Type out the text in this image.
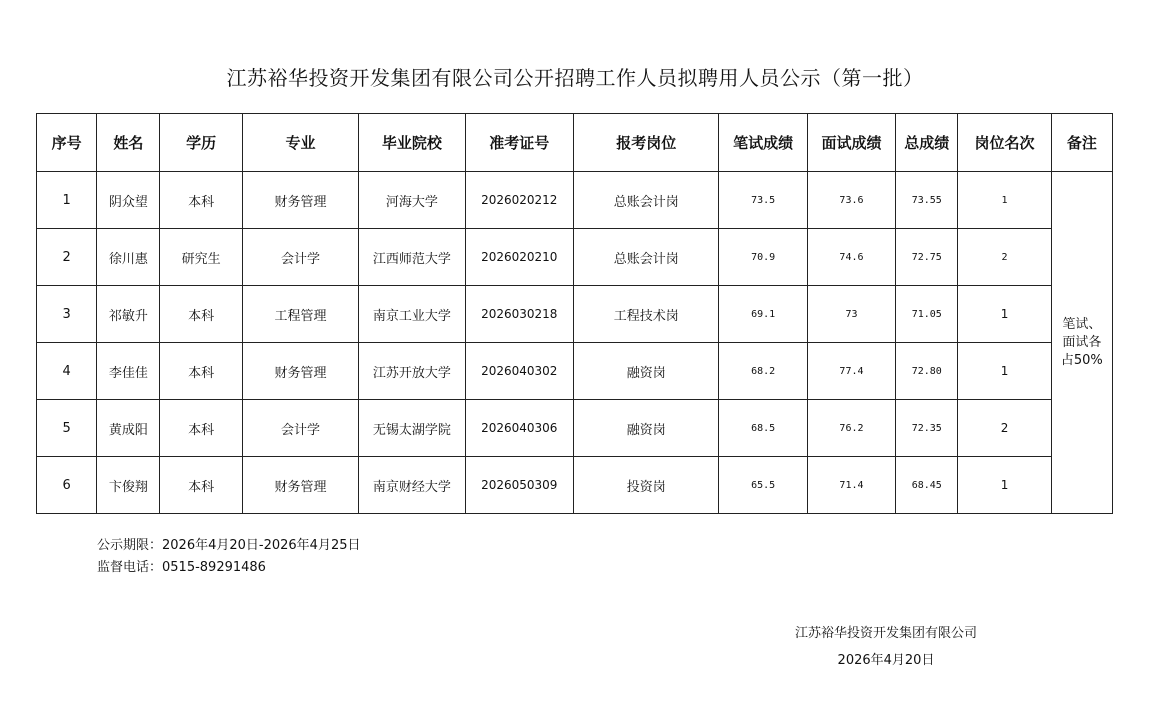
江苏裕华投资开发集团有限公司公开招聘工作人员拟聘用人员公示（第一批）
序号	姓名	学历	专业	毕业院校	准考证号	报考岗位	笔试成绩	面试成绩	总成绩	岗位名次	备注
1	阴众望	本科	财务管理	河海大学	2026020212	总账会计岗	73.5	73.6	73.55	1	笔试、面试各占50%
2	徐川惠	研究生	会计学	江西师范大学	2026020210	总账会计岗	70.9	74.6	72.75	2	
3	祁敏升	本科	工程管理	南京工业大学	2026030218	工程技术岗	69.1	73	71.05	1	
4	李佳佳	本科	财务管理	江苏开放大学	2026040302	融资岗	68.2	77.4	72.80	1	
5	黄成阳	本科	会计学	无锡太湖学院	2026040306	融资岗	68.5	76.2	72.35	2	
6	卞俊翔	本科	财务管理	南京财经大学	2026050309	投资岗	65.5	71.4	68.45	1	
公示期限：2026年4月20日-2026年4月25日
监督电话：0515-89291486
江苏裕华投资开发集团有限公司
2026年4月20日
